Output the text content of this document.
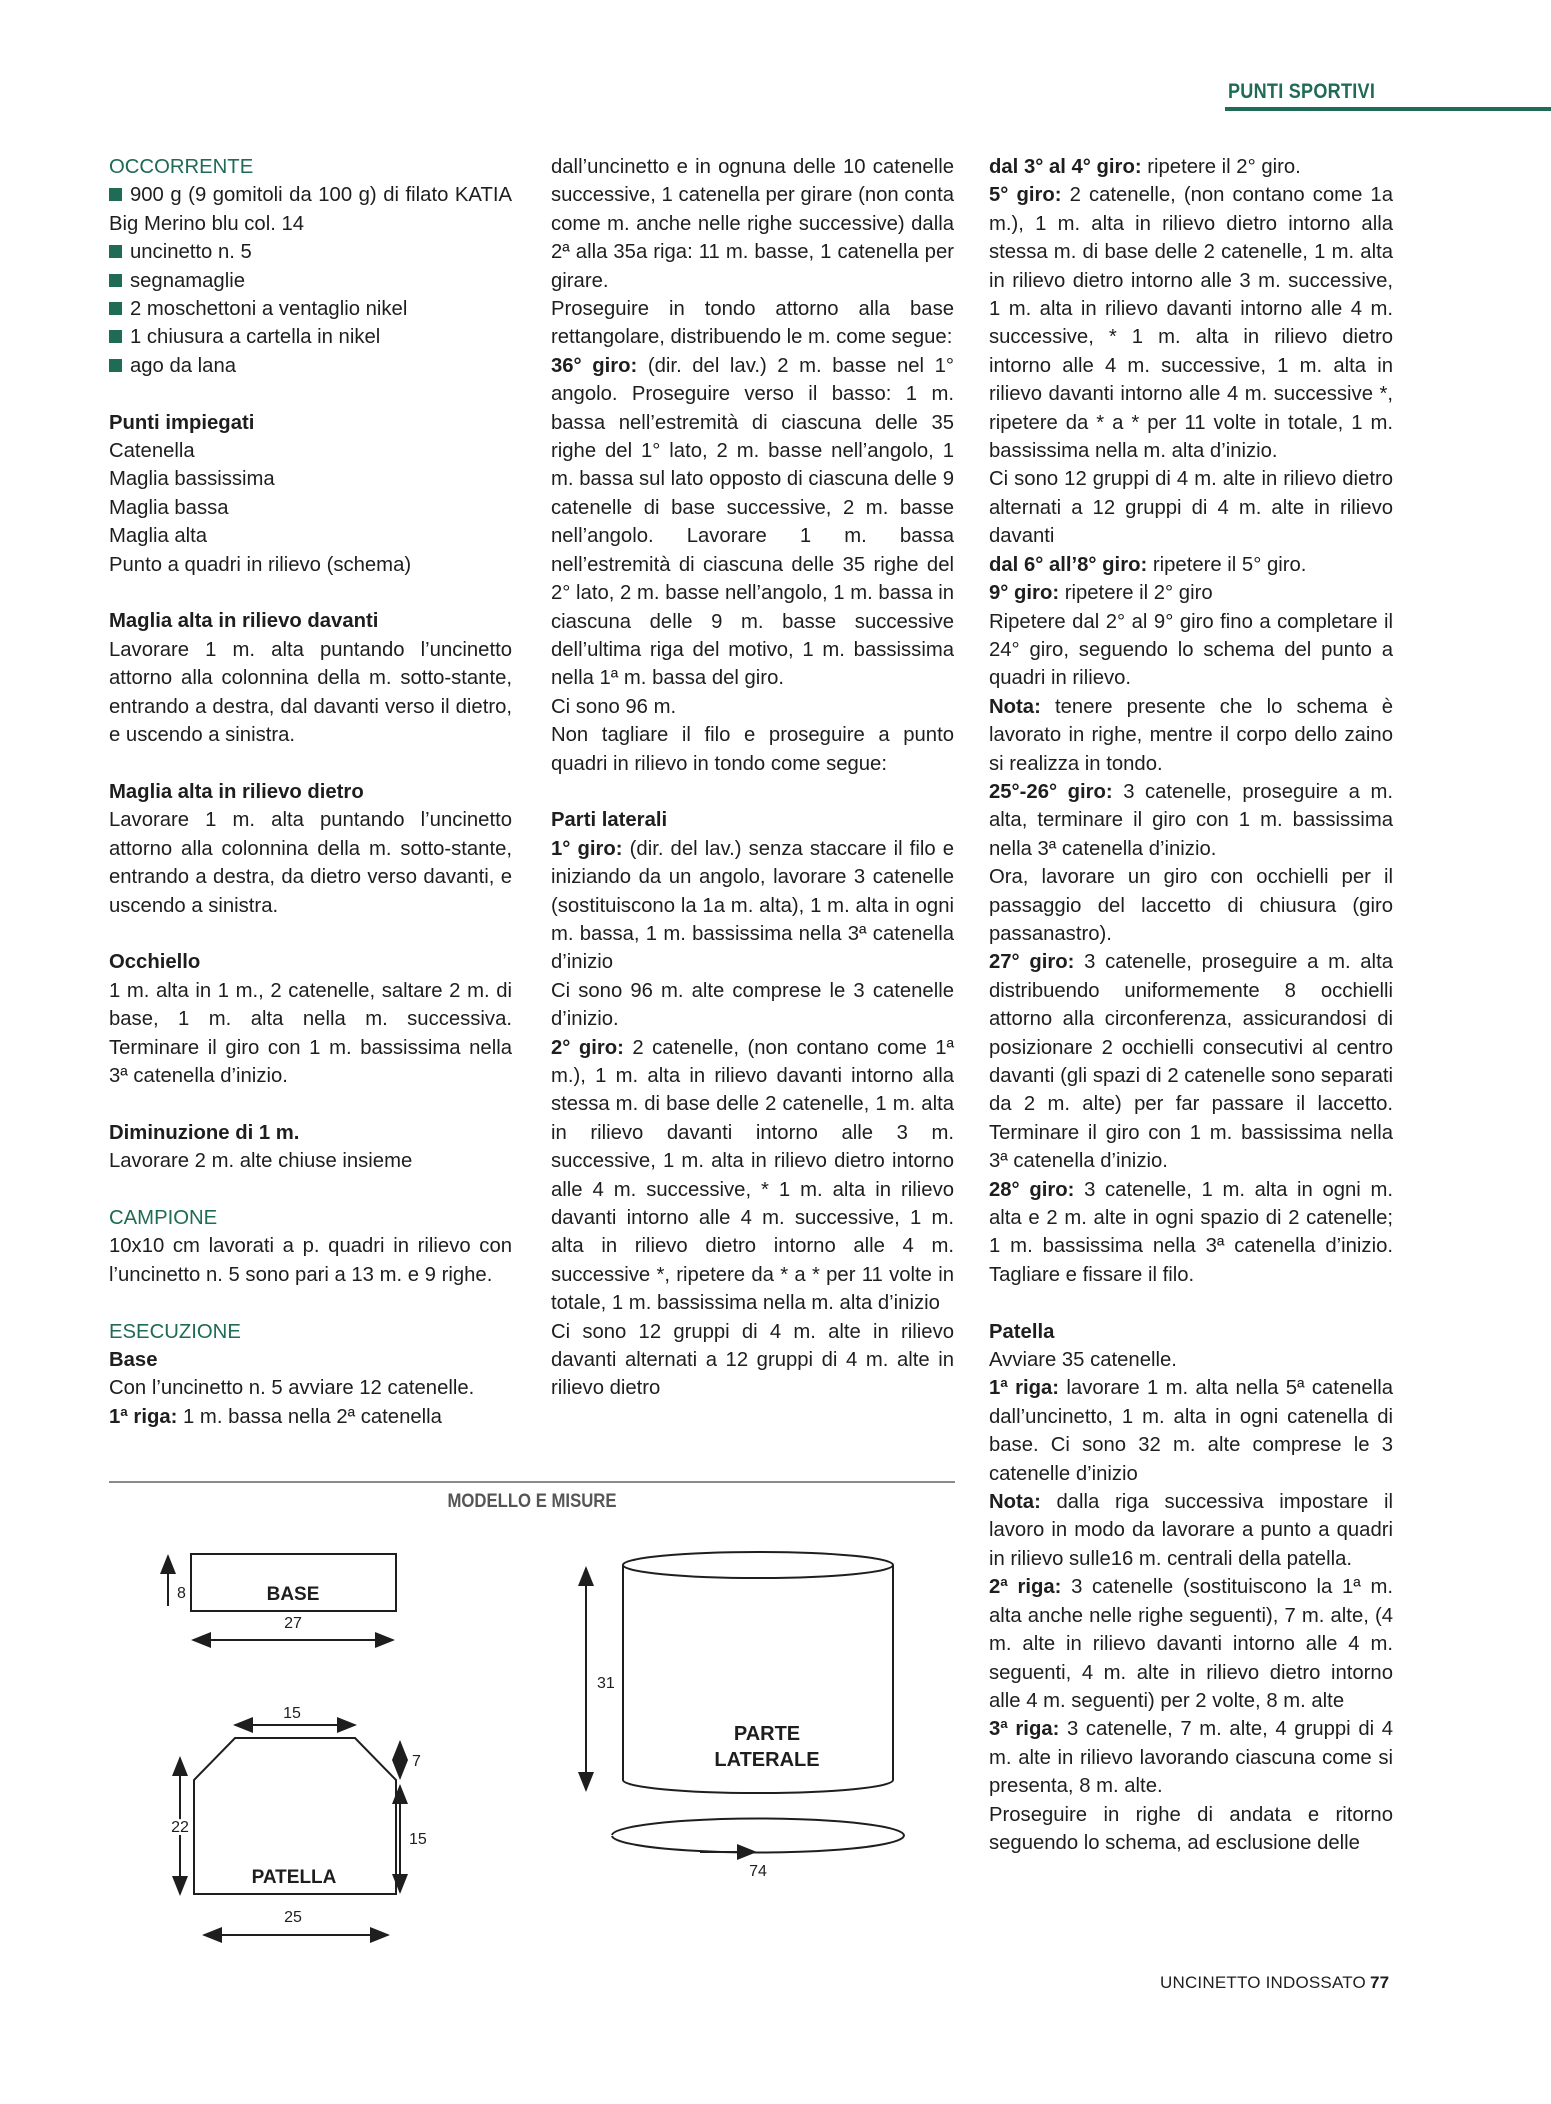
PUNTI SPORTIVI

OCCORRENTE

900 g (9 gomitoli da 100 g) di filato KATIA Big Merino blu col. 14

uncinetto n. 5

segnamaglie

2 moschettoni a ventaglio nikel

1 chiusura a cartella in nikel

ago da lana

Punti impiegati

Catenella

Maglia bassissima

Maglia bassa

Maglia alta

Punto a quadri in rilievo (schema)

Maglia alta in rilievo davanti

Lavorare 1 m. alta puntando l’uncinetto attorno alla colonnina della m. sotto-stante, entrando a destra, dal davanti verso il dietro, e uscendo a sinistra.

Maglia alta in rilievo dietro

Lavorare 1 m. alta puntando l’uncinetto attorno alla colonnina della m. sotto-stante, entrando a destra, da dietro verso davanti, e uscendo a sinistra.

Occhiello

1 m. alta in 1 m., 2 catenelle, saltare 2 m. di base, 1 m. alta nella m. successiva. Terminare il giro con 1 m. bassissima nella 3ª catenella d’inizio.

Diminuzione di 1 m.

Lavorare 2 m. alte chiuse insieme

CAMPIONE

10x10 cm lavorati a p. quadri in rilievo con l’uncinetto n. 5 sono pari a 13 m. e 9 righe.

ESECUZIONE

Base

Con l’uncinetto n. 5 avviare 12 catenelle.

1ª riga: 1 m. bassa nella 2ª catenella

dall’uncinetto e in ognuna delle 10 catenelle successive, 1 catenella per girare (non conta come m. anche nelle righe successive) dalla 2ª alla 35a riga: 11 m. basse, 1 catenella per girare.

Proseguire in tondo attorno alla base rettangolare, distribuendo le m. come segue:

36° giro: (dir. del lav.) 2 m. basse nel 1° angolo. Proseguire verso il basso: 1 m. bassa nell’estremità di ciascuna delle 35 righe del 1° lato, 2 m. basse nell’angolo, 1 m. bassa sul lato opposto di ciascuna delle 9 catenelle di base successive, 2 m. basse nell’angolo. Lavorare 1 m. bassa nell’estremità di ciascuna delle 35 righe del 2° lato, 2 m. basse nell’angolo, 1 m. bassa in ciascuna delle 9 m. basse successive dell’ultima riga del motivo, 1 m. bassissima nella 1ª m. bassa del giro.

Ci sono 96 m.

Non tagliare il filo e proseguire a punto quadri in rilievo in tondo come segue:

Parti laterali

1° giro: (dir. del lav.) senza staccare il filo e iniziando da un angolo, lavorare 3 catenelle (sostituiscono la 1a m. alta), 1 m. alta in ogni m. bassa, 1 m. bassissima nella 3ª catenella d’inizio

Ci sono 96 m. alte comprese le 3 catenelle d’inizio.

2° giro: 2 catenelle, (non contano come 1ª m.), 1 m. alta in rilievo davanti intorno alla stessa m. di base delle 2 catenelle, 1 m. alta in rilievo davanti intorno alle 3 m. successive, 1 m. alta in rilievo dietro intorno alle 4 m. successive, * 1 m. alta in rilievo davanti intorno alle 4 m. successive, 1 m. alta in rilievo dietro intorno alle 4 m. successive *, ripetere da * a * per 11 volte in totale, 1 m. bassissima nella m. alta d’inizio

Ci sono 12 gruppi di 4 m. alte in rilievo davanti alternati a 12 gruppi di 4 m. alte in rilievo dietro

dal 3° al 4° giro: ripetere il 2° giro.

5° giro: 2 catenelle, (non contano come 1a m.), 1 m. alta in rilievo dietro intorno alla stessa m. di base delle 2 catenelle, 1 m. alta in rilievo dietro intorno alle 3 m. successive, 1 m. alta in rilievo davanti intorno alle 4 m. successive, * 1 m. alta in rilievo dietro intorno alle 4 m. successive, 1 m. alta in rilievo davanti intorno alle 4 m. successive *, ripetere da * a * per 11 volte in totale, 1 m. bassissima nella m. alta d’inizio.

Ci sono 12 gruppi di 4 m. alte in rilievo dietro alternati a 12 gruppi di 4 m. alte in rilievo davanti

dal 6° all’8° giro: ripetere il 5° giro.

9° giro: ripetere il 2° giro

Ripetere dal 2° al 9° giro fino a completare il 24° giro, seguendo lo schema del punto a quadri in rilievo.

Nota: tenere presente che lo schema è lavorato in righe, mentre il corpo dello zaino si realizza in tondo.

25°-26° giro: 3 catenelle, proseguire a m. alta, terminare il giro con 1 m. bassissima nella 3ª catenella d’inizio.

Ora, lavorare un giro con occhielli per il passaggio del laccetto di chiusura (giro passanastro).

27° giro: 3 catenelle, proseguire a m. alta distribuendo uniformemente 8 occhielli attorno alla circonferenza, assicurandosi di posizionare 2 occhielli consecutivi al centro davanti (gli spazi di 2 catenelle sono separati da 2 m. alte) per far passare il laccetto. Terminare il giro con 1 m. bassissima nella 3ª catenella d’inizio.

28° giro: 3 catenelle, 1 m. alta in ogni m. alta e 2 m. alte in ogni spazio di 2 catenelle; 1 m. bassissima nella 3ª catenella d’inizio. Tagliare e fissare il filo.

Patella

Avviare 35 catenelle.

1ª riga: lavorare 1 m. alta nella 5ª catenella dall’uncinetto, 1 m. alta in ogni catenella di base. Ci sono 32 m. alte comprese le 3 catenelle d’inizio

Nota: dalla riga successiva impostare il lavoro in modo da lavorare a punto a quadri in rilievo sulle16 m. centrali della patella.

2ª riga: 3 catenelle (sostituiscono la 1ª m. alta anche nelle righe seguenti), 7 m. alte, (4 m. alte in rilievo davanti intorno alle 4 m. seguenti, 4 m. alte in rilievo dietro intorno alle 4 m. seguenti) per 2 volte, 8 m. alte

3ª riga: 3 catenelle, 7 m. alte, 4 gruppi di 4 m. alte in rilievo lavorando ciascuna come si presenta, 8 m. alte.

Proseguire in righe di andata e ritorno seguendo lo schema, ad esclusione delle

MODELLO E MISURE
8	BASE
27
15
22
7
15
PATELLA
25
31
PARTE
LATERALE
74
UNCINETTO INDOSSATO 77
